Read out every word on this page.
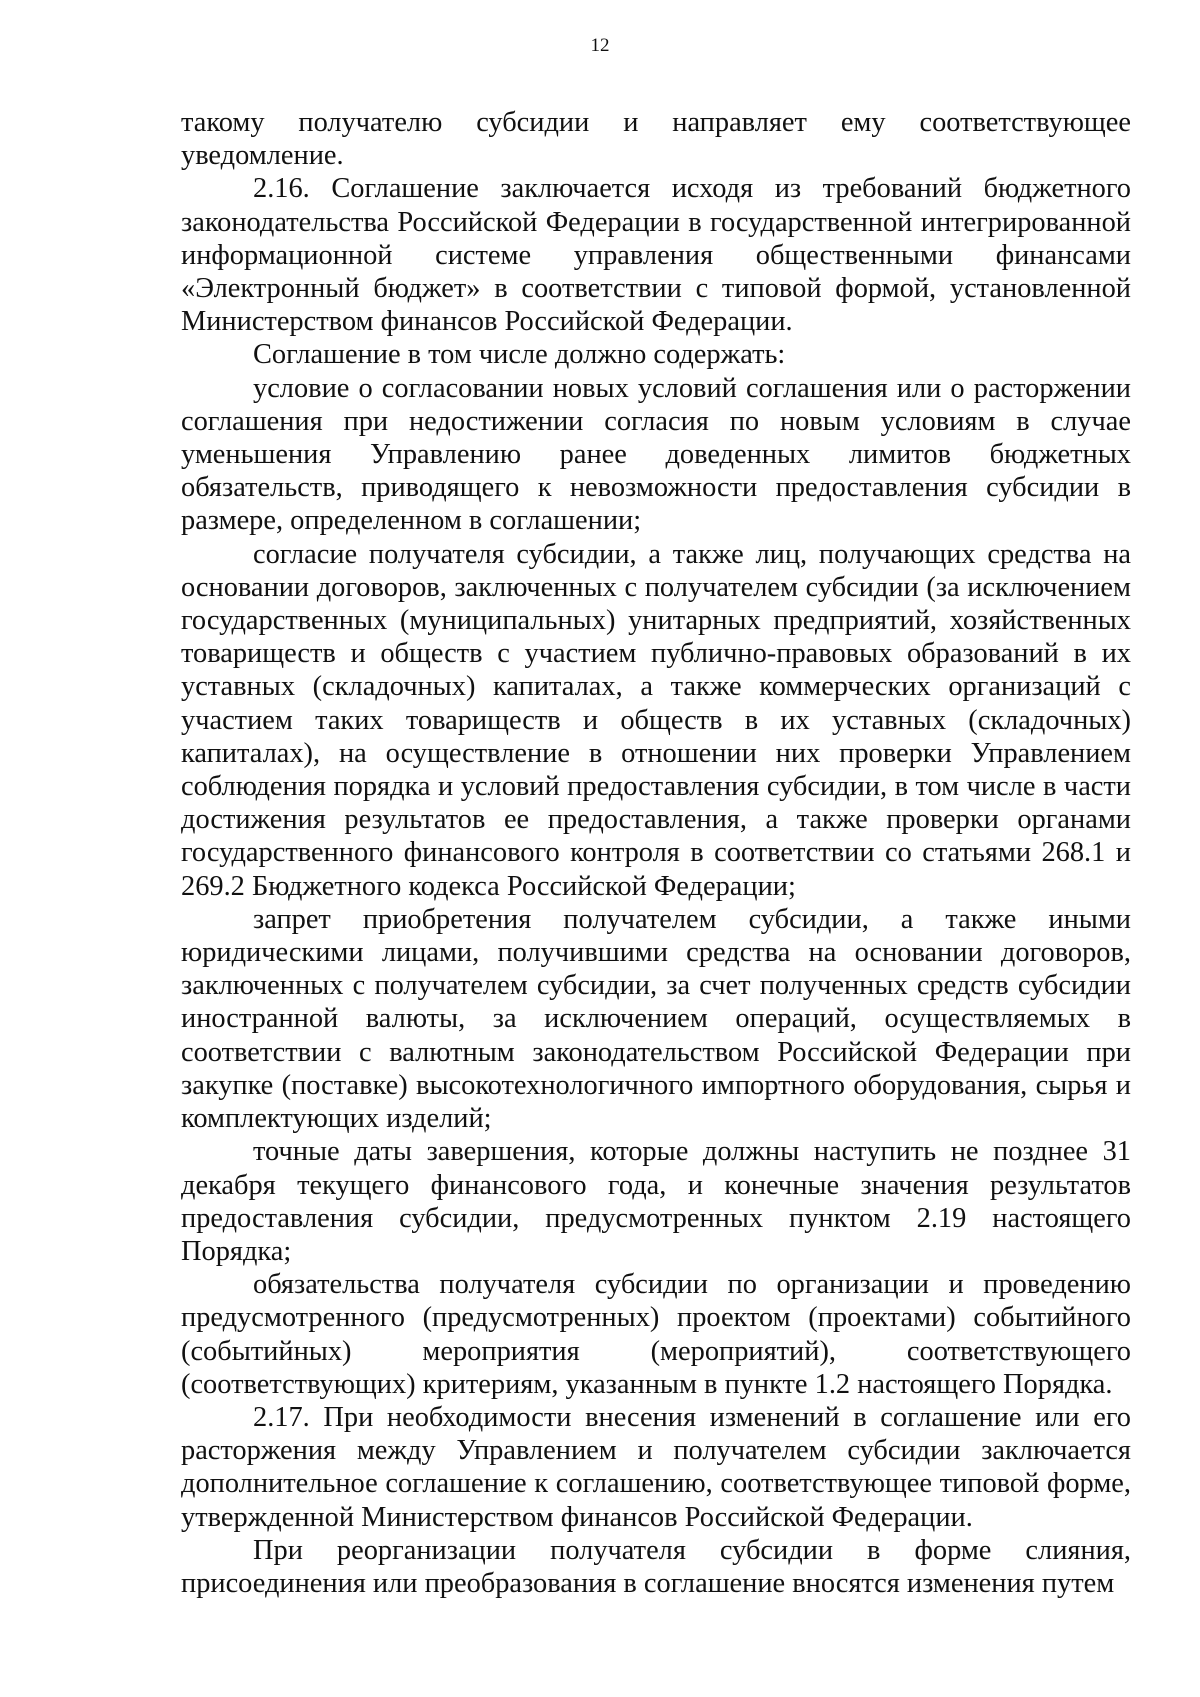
12

такому получателю субсидии и направляет ему соответствующее уведомление.

2.16. Соглашение заключается исходя из требований бюджетного законодательства Российской Федерации в государственной интегрированной информационной системе управления общественными финансами «Электронный бюджет» в соответствии с типовой формой, установленной Министерством финансов Российской Федерации.

Соглашение в том числе должно содержать:

условие о согласовании новых условий соглашения или о расторжении соглашения при недостижении согласия по новым условиям в случае уменьшения Управлению ранее доведенных лимитов бюджетных обязательств, приводящего к невозможности предоставления субсидии в размере, определенном в соглашении;

согласие получателя субсидии, а также лиц, получающих средства на основании договоров, заключенных с получателем субсидии (за исключением государственных (муниципальных) унитарных предприятий, хозяйственных товариществ и обществ с участием публично-правовых образований в их уставных (складочных) капиталах, а также коммерческих организаций с участием таких товариществ и обществ в их уставных (складочных) капиталах), на осуществление в отношении них проверки Управлением соблюдения порядка и условий предоставления субсидии, в том числе в части достижения результатов ее предоставления, а также проверки органами государственного финансового контроля в соответствии со статьями 268.1 и 269.2 Бюджетного кодекса Российской Федерации;

запрет приобретения получателем субсидии, а также иными юридическими лицами, получившими средства на основании договоров, заключенных с получателем субсидии, за счет полученных средств субсидии иностранной валюты, за исключением операций, осуществляемых в соответствии с валютным законодательством Российской Федерации при закупке (поставке) высокотехнологичного импортного оборудования, сырья и комплектующих изделий;

точные даты завершения, которые должны наступить не позднее 31 декабря текущего финансового года, и конечные значения результатов предоставления субсидии, предусмотренных пунктом 2.19 настоящего Порядка;

обязательства получателя субсидии по организации и проведению предусмотренного (предусмотренных) проектом (проектами) событийного (событийных) мероприятия (мероприятий), соответствующего (соответствующих) критериям, указанным в пункте 1.2 настоящего Порядка.

2.17. При необходимости внесения изменений в соглашение или его расторжения между Управлением и получателем субсидии заключается дополнительное соглашение к соглашению, соответствующее типовой форме, утвержденной Министерством финансов Российской Федерации.

При реорганизации получателя субсидии в форме слияния, присоединения или преобразования в соглашение вносятся изменения путем
